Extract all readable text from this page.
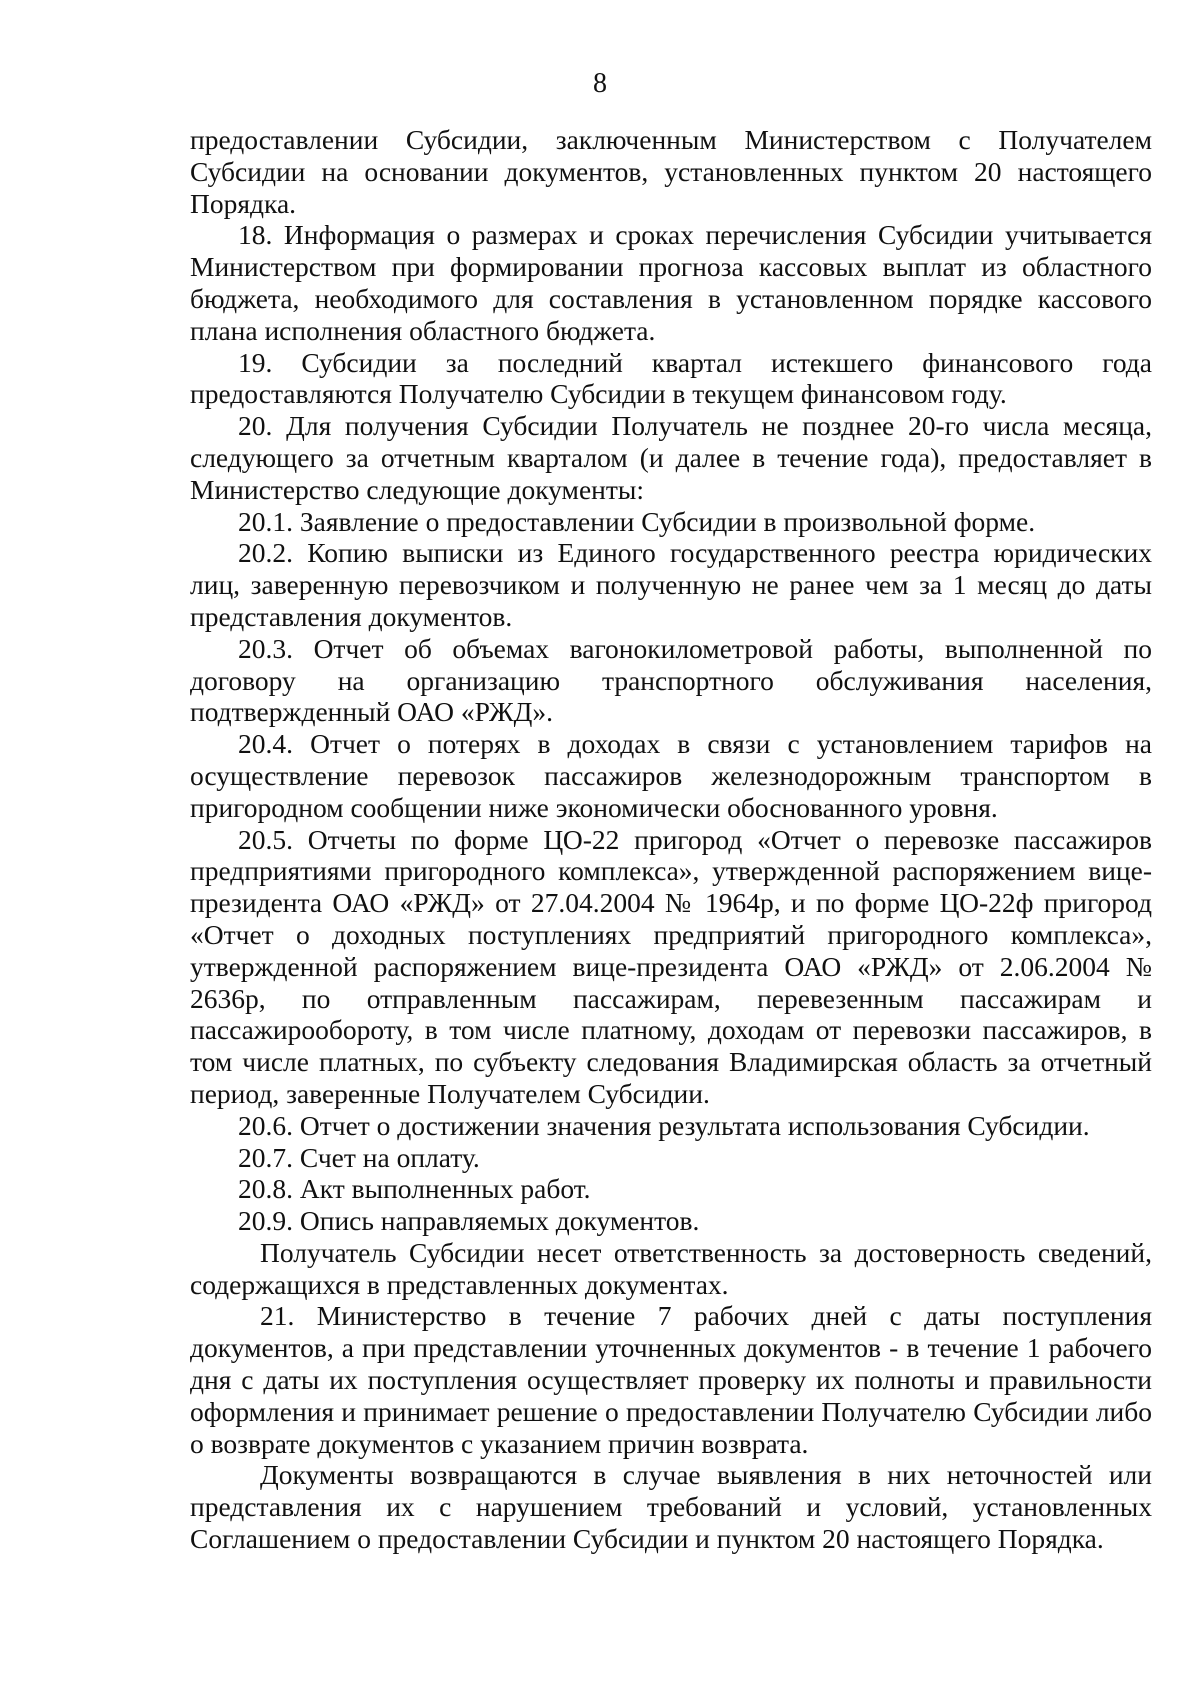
8

предоставлении Субсидии, заключенным Министерством с Получателем Субсидии на основании документов, установленных пунктом 20 настоящего Порядка.

18. Информация о размерах и сроках перечисления Субсидии учитывается Министерством при формировании прогноза кассовых выплат из областного бюджета, необходимого для составления в установленном порядке кассового плана исполнения областного бюджета.

19. Субсидии за последний квартал истекшего финансового года предоставляются Получателю Субсидии в текущем финансовом году.

20. Для получения Субсидии Получатель не позднее 20-го числа месяца, следующего за отчетным кварталом (и далее в течение года), предоставляет в Министерство следующие документы:

20.1. Заявление о предоставлении Субсидии в произвольной форме.

20.2. Копию выписки из Единого государственного реестра юридических лиц, заверенную перевозчиком и полученную не ранее чем за 1 месяц до даты представления документов.

20.3. Отчет об объемах вагонокилометровой работы, выполненной по договору на организацию транспортного обслуживания населения, подтвержденный ОАО «РЖД».

20.4. Отчет о потерях в доходах в связи с установлением тарифов на осуществление перевозок пассажиров железнодорожным транспортом в пригородном сообщении ниже экономически обоснованного уровня.

20.5. Отчеты по форме ЦО-22 пригород «Отчет о перевозке пассажиров предприятиями пригородного комплекса», утвержденной распоряжением вице-президента ОАО «РЖД» от 27.04.2004 № 1964р, и по форме ЦО-22ф пригород «Отчет о доходных поступлениях предприятий пригородного комплекса», утвержденной распоряжением вице-президента ОАО «РЖД» от 2.06.2004 № 2636р, по отправленным пассажирам, перевезенным пассажирам и пассажирообороту, в том числе платному, доходам от перевозки пассажиров, в том числе платных, по субъекту следования Владимирская область за отчетный период, заверенные Получателем Субсидии.

20.6. Отчет о достижении значения результата использования Субсидии.

20.7. Счет на оплату.

20.8. Акт выполненных работ.

20.9. Опись направляемых документов.

Получатель Субсидии несет ответственность за достоверность сведений, содержащихся в представленных документах.

21. Министерство в течение 7 рабочих дней с даты поступления документов, а при представлении уточненных документов - в течение 1 рабочего дня с даты их поступления осуществляет проверку их полноты и правильности оформления и принимает решение о предоставлении Получателю Субсидии либо о возврате документов с указанием причин возврата.

Документы возвращаются в случае выявления в них неточностей или представления их с нарушением требований и условий, установленных Соглашением о предоставлении Субсидии и пунктом 20 настоящего Порядка.
